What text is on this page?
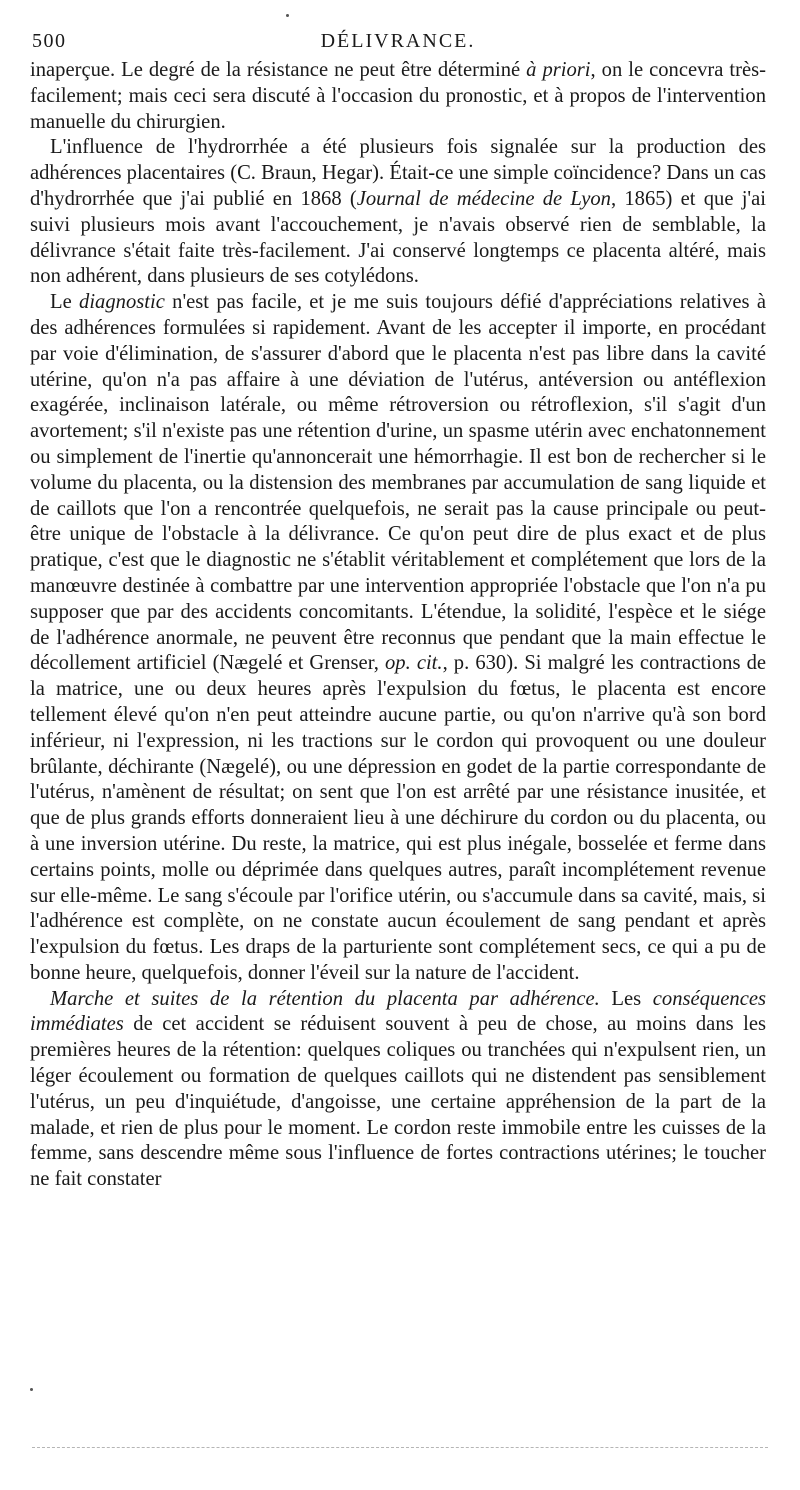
500	DÉLIVRANCE.

inaperçue. Le degré de la résistance ne peut être déterminé à priori, on le concevra très-facilement; mais ceci sera discuté à l'occasion du pronostic, et à propos de l'intervention manuelle du chirurgien.

L'influence de l'hydrorrhée a été plusieurs fois signalée sur la production des adhérences placentaires (C. Braun, Hegar). Était-ce une simple coïncidence? Dans un cas d'hydrorrhée que j'ai publié en 1868 (Journal de médecine de Lyon, 1865) et que j'ai suivi plusieurs mois avant l'accouchement, je n'avais observé rien de semblable, la délivrance s'était faite très-facilement. J'ai conservé longtemps ce placenta altéré, mais non adhérent, dans plusieurs de ses cotylédons.

Le diagnostic n'est pas facile, et je me suis toujours défié d'appréciations relatives à des adhérences formulées si rapidement. Avant de les accepter il importe, en procédant par voie d'élimination, de s'assurer d'abord que le placenta n'est pas libre dans la cavité utérine, qu'on n'a pas affaire à une déviation de l'utérus, antéversion ou antéflexion exagérée, inclinaison latérale, ou même rétroversion ou rétroflexion, s'il s'agit d'un avortement; s'il n'existe pas une rétention d'urine, un spasme utérin avec enchatonnement ou simplement de l'inertie qu'annoncerait une hémorrhagie. Il est bon de rechercher si le volume du placenta, ou la distension des membranes par accumulation de sang liquide et de caillots que l'on a rencontrée quelquefois, ne serait pas la cause principale ou peut-être unique de l'obstacle à la délivrance. Ce qu'on peut dire de plus exact et de plus pratique, c'est que le diagnostic ne s'établit véritablement et complétement que lors de la manœuvre destinée à combattre par une intervention appropriée l'obstacle que l'on n'a pu supposer que par des accidents concomitants. L'étendue, la solidité, l'espèce et le siége de l'adhérence anormale, ne peuvent être reconnus que pendant que la main effectue le décollement artificiel (Nægelé et Grenser, op. cit., p. 630). Si malgré les contractions de la matrice, une ou deux heures après l'expulsion du fœtus, le placenta est encore tellement élevé qu'on n'en peut atteindre aucune partie, ou qu'on n'arrive qu'à son bord inférieur, ni l'expression, ni les tractions sur le cordon qui provoquent ou une douleur brûlante, déchirante (Nægelé), ou une dépression en godet de la partie correspondante de l'utérus, n'amènent de résultat; on sent que l'on est arrêté par une résistance inusitée, et que de plus grands efforts donneraient lieu à une déchirure du cordon ou du placenta, ou à une inversion utérine. Du reste, la matrice, qui est plus inégale, bosselée et ferme dans certains points, molle ou déprimée dans quelques autres, paraît incomplétement revenue sur elle-même. Le sang s'écoule par l'orifice utérin, ou s'accumule dans sa cavité, mais, si l'adhérence est complète, on ne constate aucun écoulement de sang pendant et après l'expulsion du fœtus. Les draps de la parturiente sont complétement secs, ce qui a pu de bonne heure, quelquefois, donner l'éveil sur la nature de l'accident.

Marche et suites de la rétention du placenta par adhérence. Les conséquences immédiates de cet accident se réduisent souvent à peu de chose, au moins dans les premières heures de la rétention: quelques coliques ou tranchées qui n'expulsent rien, un léger écoulement ou formation de quelques caillots qui ne distendent pas sensiblement l'utérus, un peu d'inquiétude, d'angoisse, une certaine appréhension de la part de la malade, et rien de plus pour le moment. Le cordon reste immobile entre les cuisses de la femme, sans descendre même sous l'influence de fortes contractions utérines; le toucher ne fait constater
